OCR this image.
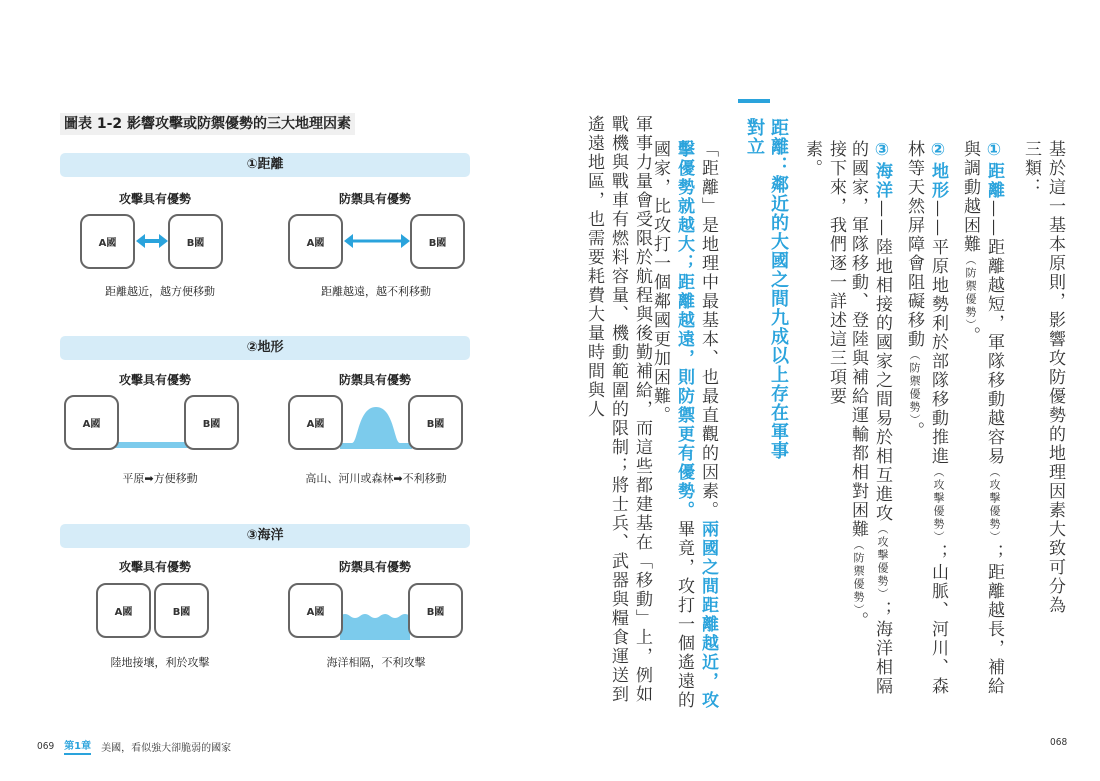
圖表 1-2 影響攻擊或防禦優勢的三大地理因素
①距離
攻擊具有優勢	防禦具有優勢
A國	B國	A國	B國
距離越近，越方便移動	距離越遠，越不利移動
②地形
攻擊具有優勢	防禦具有優勢
A國	B國	A國	B國
平原➡方便移動	高山、河川或森林➡不利移動
③海洋
攻擊具有優勢	防禦具有優勢
A國	B國	A國	B國
陸地接壤，利於攻擊	海洋相隔，不利攻擊
069 第1章 美國，看似強大卻脆弱的國家
基於這一基本原則，影響攻防優勢的地理因素大致可分為三類：
①距離——距離越短，軍隊移動越容易（攻擊優勢）；距離越長，補給與調動越困難（防禦優勢）。
②地形——平原地勢利於部隊移動推進（攻擊優勢）；山脈、河川、森林等天然屏障會阻礙移動（防禦優勢）。
③海洋——陸地相接的國家之間易於相互進攻（攻擊優勢）；海洋相隔的國家，軍隊移動、登陸與補給運輸都相對困難（防禦優勢）。
接下來，我們逐一詳述這三項要素。
距離：鄰近的大國之間九成以上存在軍事對立
「距離」是地理中最基本、也最直觀的因素。兩國之間距離越近，攻擊優勢就越大；距離越遠，則防禦更有優勢。畢竟，攻打一個遙遠的國家，比攻打一個鄰國更加困難。
軍事力量會受限於航程與後勤補給，而這些都建基在「移動」上，例如戰機與戰車有燃料容量、機動範圍的限制；將士兵、武器與糧食運送到遙遠地區，也需要耗費大量時間與人
068
